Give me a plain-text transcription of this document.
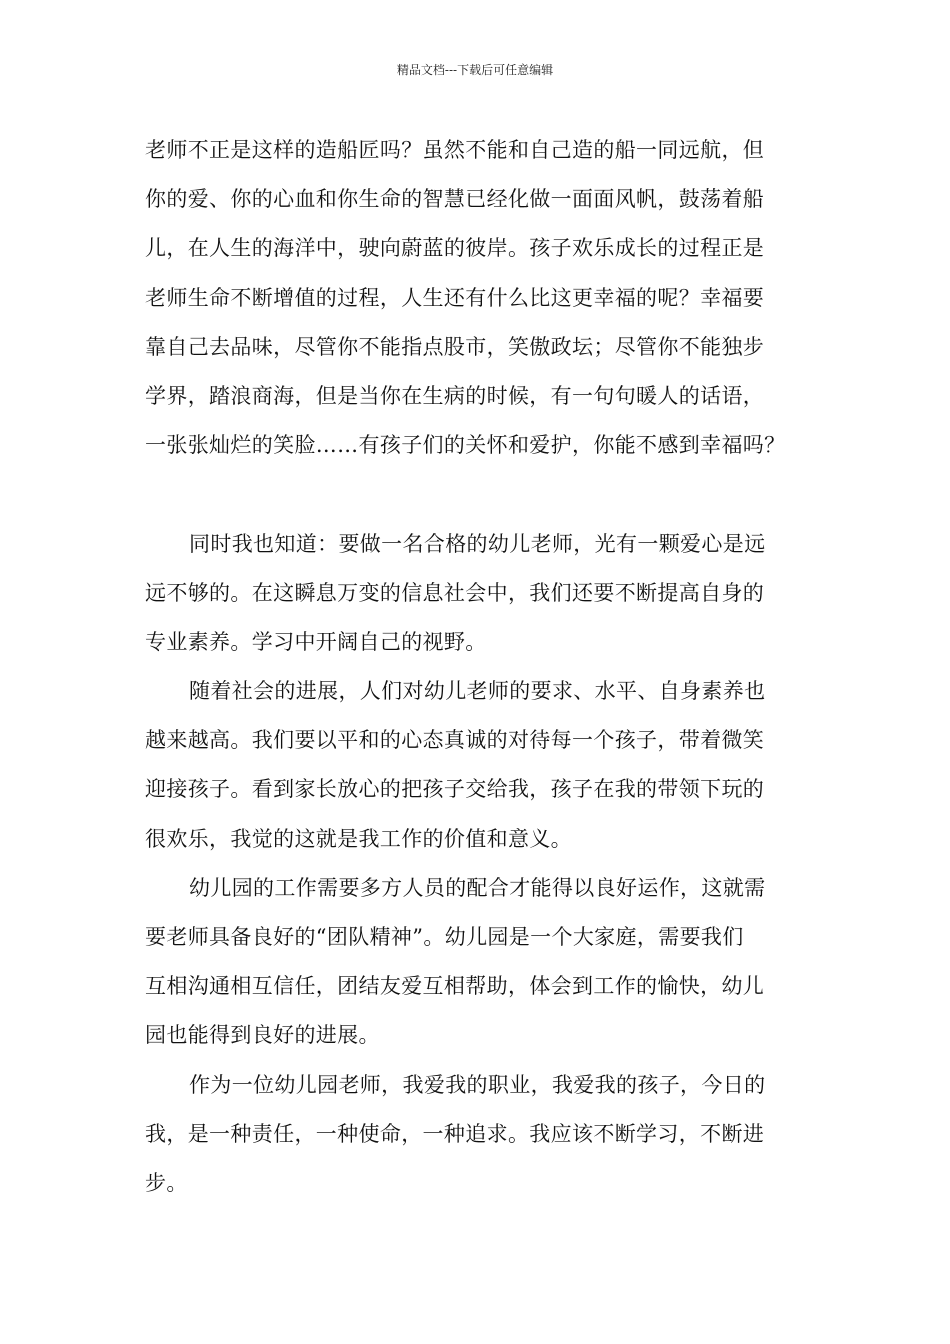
精品文档---下载后可任意编辑
老师不正是这样的造船匠吗？虽然不能和自己造的船一同远航，但
你的爱、你的心血和你生命的智慧已经化做一面面风帆，鼓荡着船
儿，在人生的海洋中，驶向蔚蓝的彼岸。孩子欢乐成长的过程正是
老师生命不断增值的过程，人生还有什么比这更幸福的呢？幸福要
靠自己去品味，尽管你不能指点股市，笑傲政坛；尽管你不能独步
学界，踏浪商海，但是当你在生病的时候，有一句句暖人的话语，
一张张灿烂的笑脸……有孩子们的关怀和爱护，你能不感到幸福吗？
同时我也知道：要做一名合格的幼儿老师，光有一颗爱心是远
远不够的。在这瞬息万变的信息社会中，我们还要不断提高自身的
专业素养。学习中开阔自己的视野。
随着社会的进展，人们对幼儿老师的要求、水平、自身素养也
越来越高。我们要以平和的心态真诚的对待每一个孩子，带着微笑
迎接孩子。看到家长放心的把孩子交给我，孩子在我的带领下玩的
很欢乐，我觉的这就是我工作的价值和意义。
幼儿园的工作需要多方人员的配合才能得以良好运作，这就需
要老师具备良好的“团队精神”。幼儿园是一个大家庭，需要我们
互相沟通相互信任，团结友爱互相帮助，体会到工作的愉快，幼儿
园也能得到良好的进展。
作为一位幼儿园老师，我爱我的职业，我爱我的孩子，今日的
我，是一种责任，一种使命，一种追求。我应该不断学习，不断进
步。
